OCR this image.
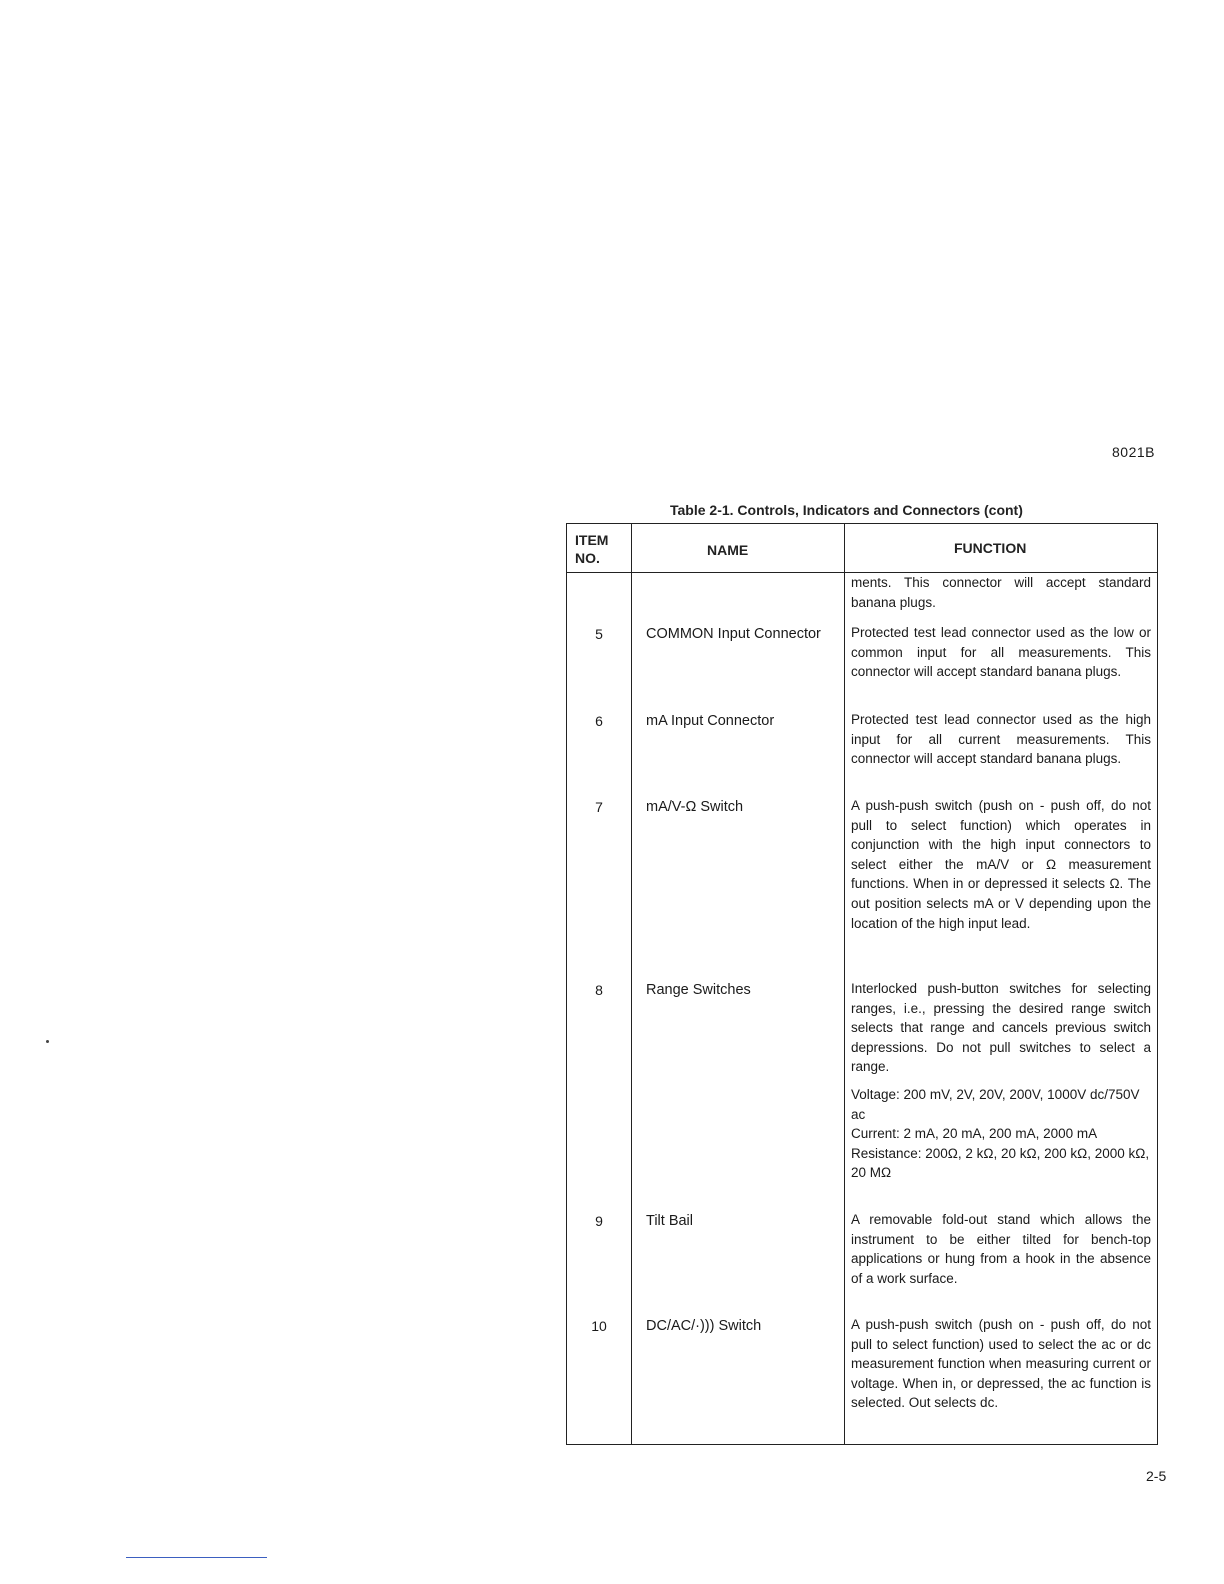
8021B
Table 2-1. Controls, Indicators and Connectors (cont)
ITEM
NO.	NAME	FUNCTION

ments. This connector will accept standard banana plugs.

5	COMMON Input Connector	Protected test lead connector used as the low or common input for all measurements. This connector will accept standard banana plugs.

6	mA Input Connector	Protected test lead connector used as the high input for all current measurements. This connector will accept standard banana plugs.

7	mA/V-Ω Switch	A push-push switch (push on - push off, do not pull to select function) which operates in conjunction with the high input connectors to select either the mA/V or Ω measurement functions. When in or depressed it selects Ω. The out position selects mA or V depending upon the location of the high input lead.

8	Range Switches	Interlocked push-button switches for selecting ranges, i.e., pressing the desired range switch selects that range and cancels previous switch depressions. Do not pull switches to select a range.

Voltage: 200 mV, 2V, 20V, 200V, 1000V dc/750V ac

Current: 2 mA, 20 mA, 200 mA, 2000 mA

Resistance: 200Ω, 2 kΩ, 20 kΩ, 200 kΩ, 2000 kΩ, 20 MΩ

9	Tilt Bail	A removable fold-out stand which allows the instrument to be either tilted for bench-top applications or hung from a hook in the absence of a work surface.

10	DC/AC/·))) Switch	A push-push switch (push on - push off, do not pull to select function) used to select the ac or dc measurement function when measuring current or voltage. When in, or depressed, the ac function is selected. Out selects dc.

2-5
